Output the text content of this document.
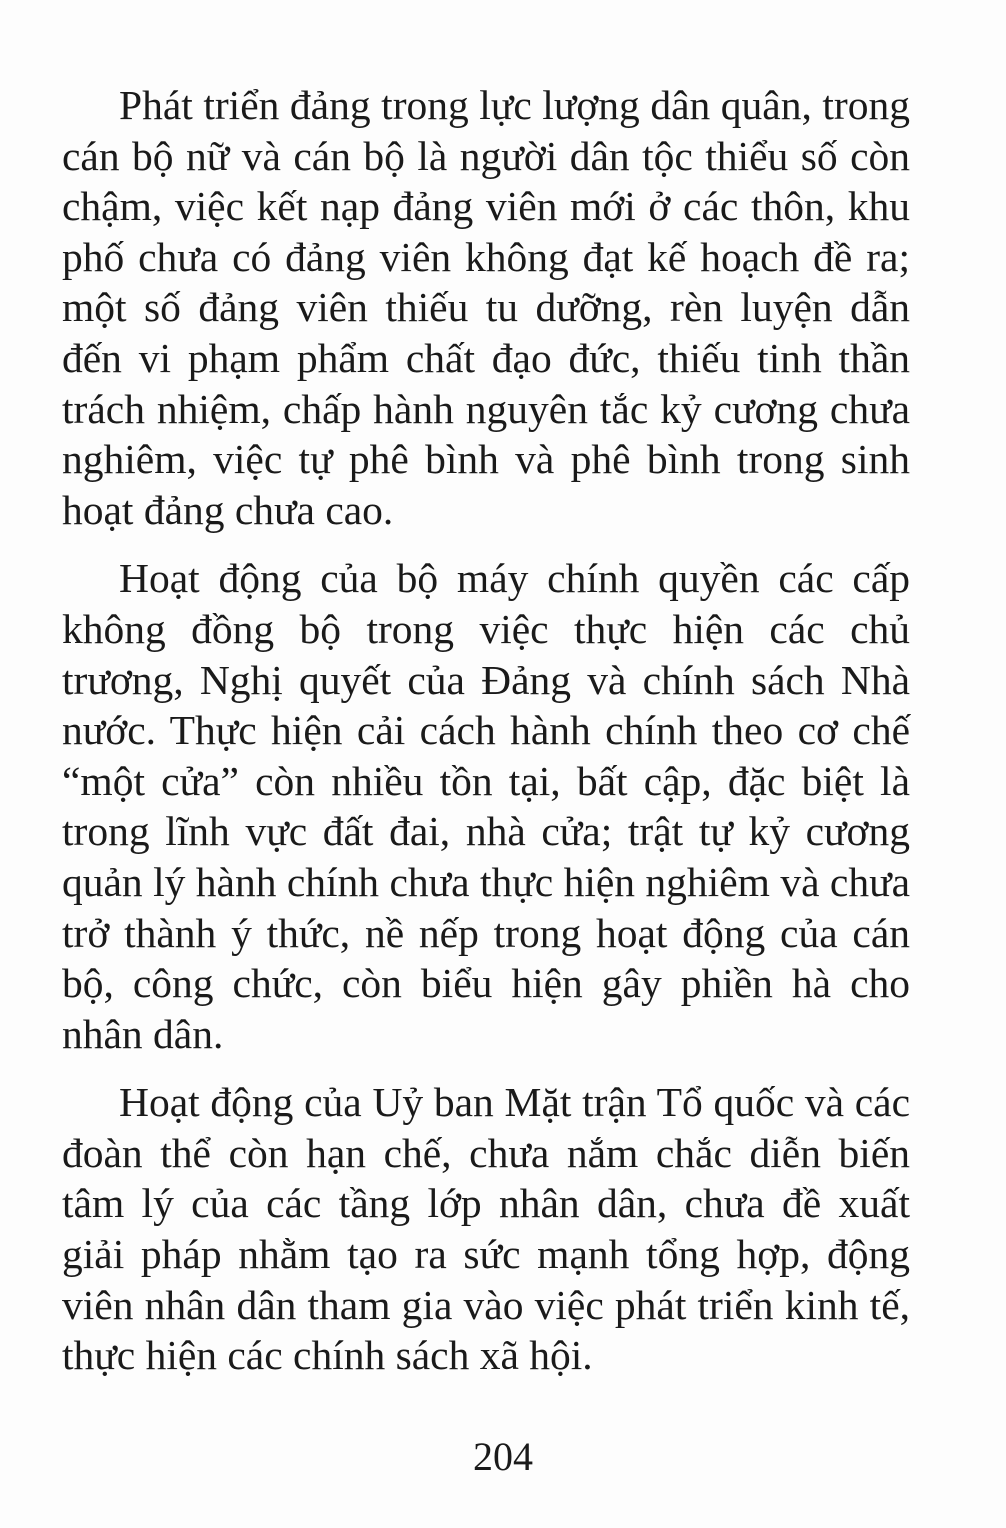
Phát triển đảng trong lực lượng dân quân, trong cán bộ nữ và cán bộ là người dân tộc thiểu số còn chậm, việc kết nạp đảng viên mới ở các thôn, khu phố chưa có đảng viên không đạt kế hoạch đề ra; một số đảng viên thiếu tu dưỡng, rèn luyện dẫn đến vi phạm phẩm chất đạo đức, thiếu tinh thần trách nhiệm, chấp hành nguyên tắc kỷ cương chưa nghiêm, việc tự phê bình và phê bình trong sinh hoạt đảng chưa cao.

Hoạt động của bộ máy chính quyền các cấp không đồng bộ trong việc thực hiện các chủ trương, Nghị quyết của Đảng và chính sách Nhà nước. Thực hiện cải cách hành chính theo cơ chế “một cửa” còn nhiều tồn tại, bất cập, đặc biệt là trong lĩnh vực đất đai, nhà cửa; trật tự kỷ cương quản lý hành chính chưa thực hiện nghiêm và chưa trở thành ý thức, nề nếp trong hoạt động của cán bộ, công chức, còn biểu hiện gây phiền hà cho nhân dân.

Hoạt động của Uỷ ban Mặt trận Tổ quốc và các đoàn thể còn hạn chế, chưa nắm chắc diễn biến tâm lý của các tầng lớp nhân dân, chưa đề xuất giải pháp nhằm tạo ra sức mạnh tổng hợp, động viên nhân dân tham gia vào việc phát triển kinh tế, thực hiện các chính sách xã hội.

204
